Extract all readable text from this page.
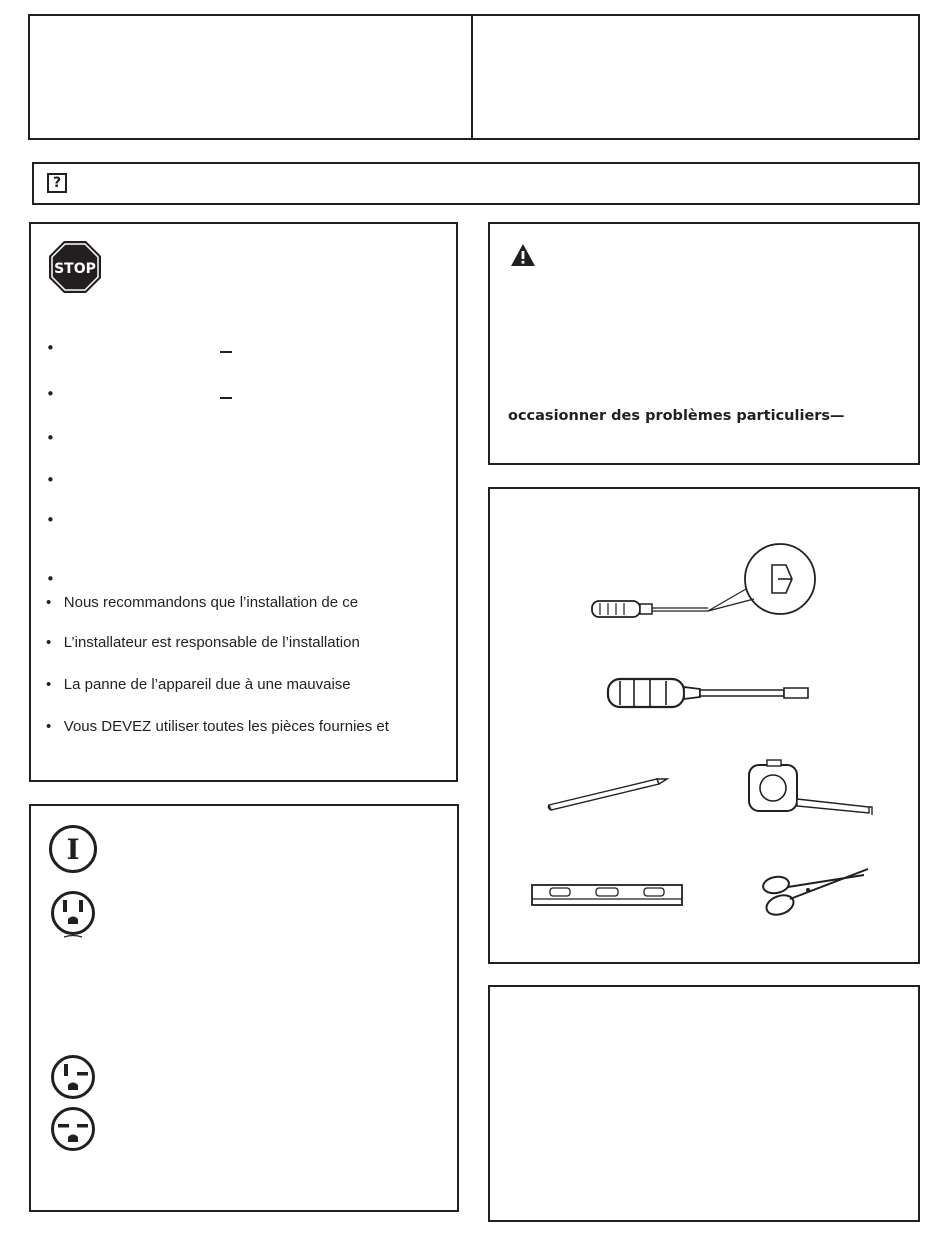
?
STOP
•
•
•
•
•
•
•   Nous recommandons que l’installation de ce
•   L’installateur est responsable de l’installation
•   La panne de l’appareil due à une mauvaise
•   Vous DEVEZ utiliser toutes les pièces fournies et
I
occasionner des problèmes particuliers—
